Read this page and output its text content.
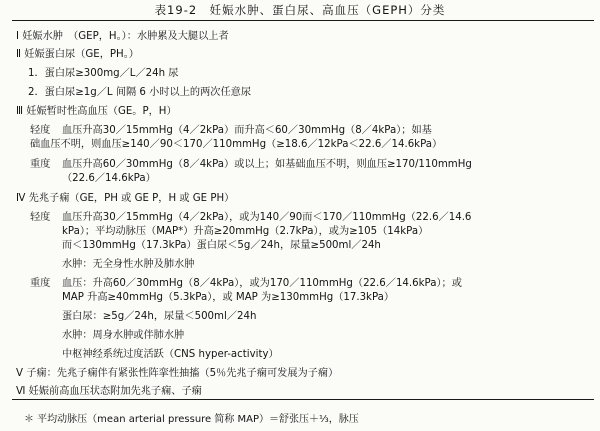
表19-2　妊娠水肿、蛋白尿、高血压（GEPH）分类
Ⅰ 妊娠水肿　（GEP，H。）：水肿累及大腿以上者
Ⅱ 妊娠蛋白尿（GE，PH。）
1．蛋白尿≥300mg／L／24h 尿
2．蛋白尿≥1g／L 间隔 6 小时以上的两次任意尿
Ⅲ 妊娠暂时性高血压（GE。P，H）
轻度 血压升高30／15mmHg（4／2kPa）而升高＜60／30mmHg（8／4kPa）；如基
础血压不明，则血压≥140／90＜170／110mmHg（≥18.6／12kPa＜22.6／14.6kPa）
重度 血压升高60／30mmHg（8／4kPa）或以上；如基础血压不明，则血压≥170/110mmHg
（22.6／14.6kPa）
Ⅳ 先兆子痫（GE，PH 或 GE P，H 或 GE PH）
轻度 血压升高30／15mmHg（4／2kPa），或为140／90而＜170／110mmHg（22.6／14.6
kPa）；平均动脉压（MAP*）升高≥20mmHg（2.7kPa），或为≥105（14kPa）
而＜130mmHg（17.3kPa）蛋白尿＜5g／24h，尿量≥500ml／24h
水肿：无全身性水肿及肺水肿
重度 血压：升高60／30mmHg（8／4kPa），或为170／110mmHg（22.6／14.6kPa）；或
MAP 升高≥40mmHg（5.3kPa），或 MAP 为≥130mmHg（17.3kPa）
蛋白尿：≥5g／24h，尿量＜500ml／24h
水肿：周身水肿或伴肺水肿
中枢神经系统过度活跃（CNS hyper-activity）
Ⅴ 子痫：先兆子痫伴有紧张性阵挛性抽搐（5％先兆子痫可发展为子痫）
Ⅵ 妊娠前高血压状态附加先兆子痫、子痫
＊ 平均动脉压（mean arterial pressure 简称 MAP）＝舒张压＋⅓，脉压
